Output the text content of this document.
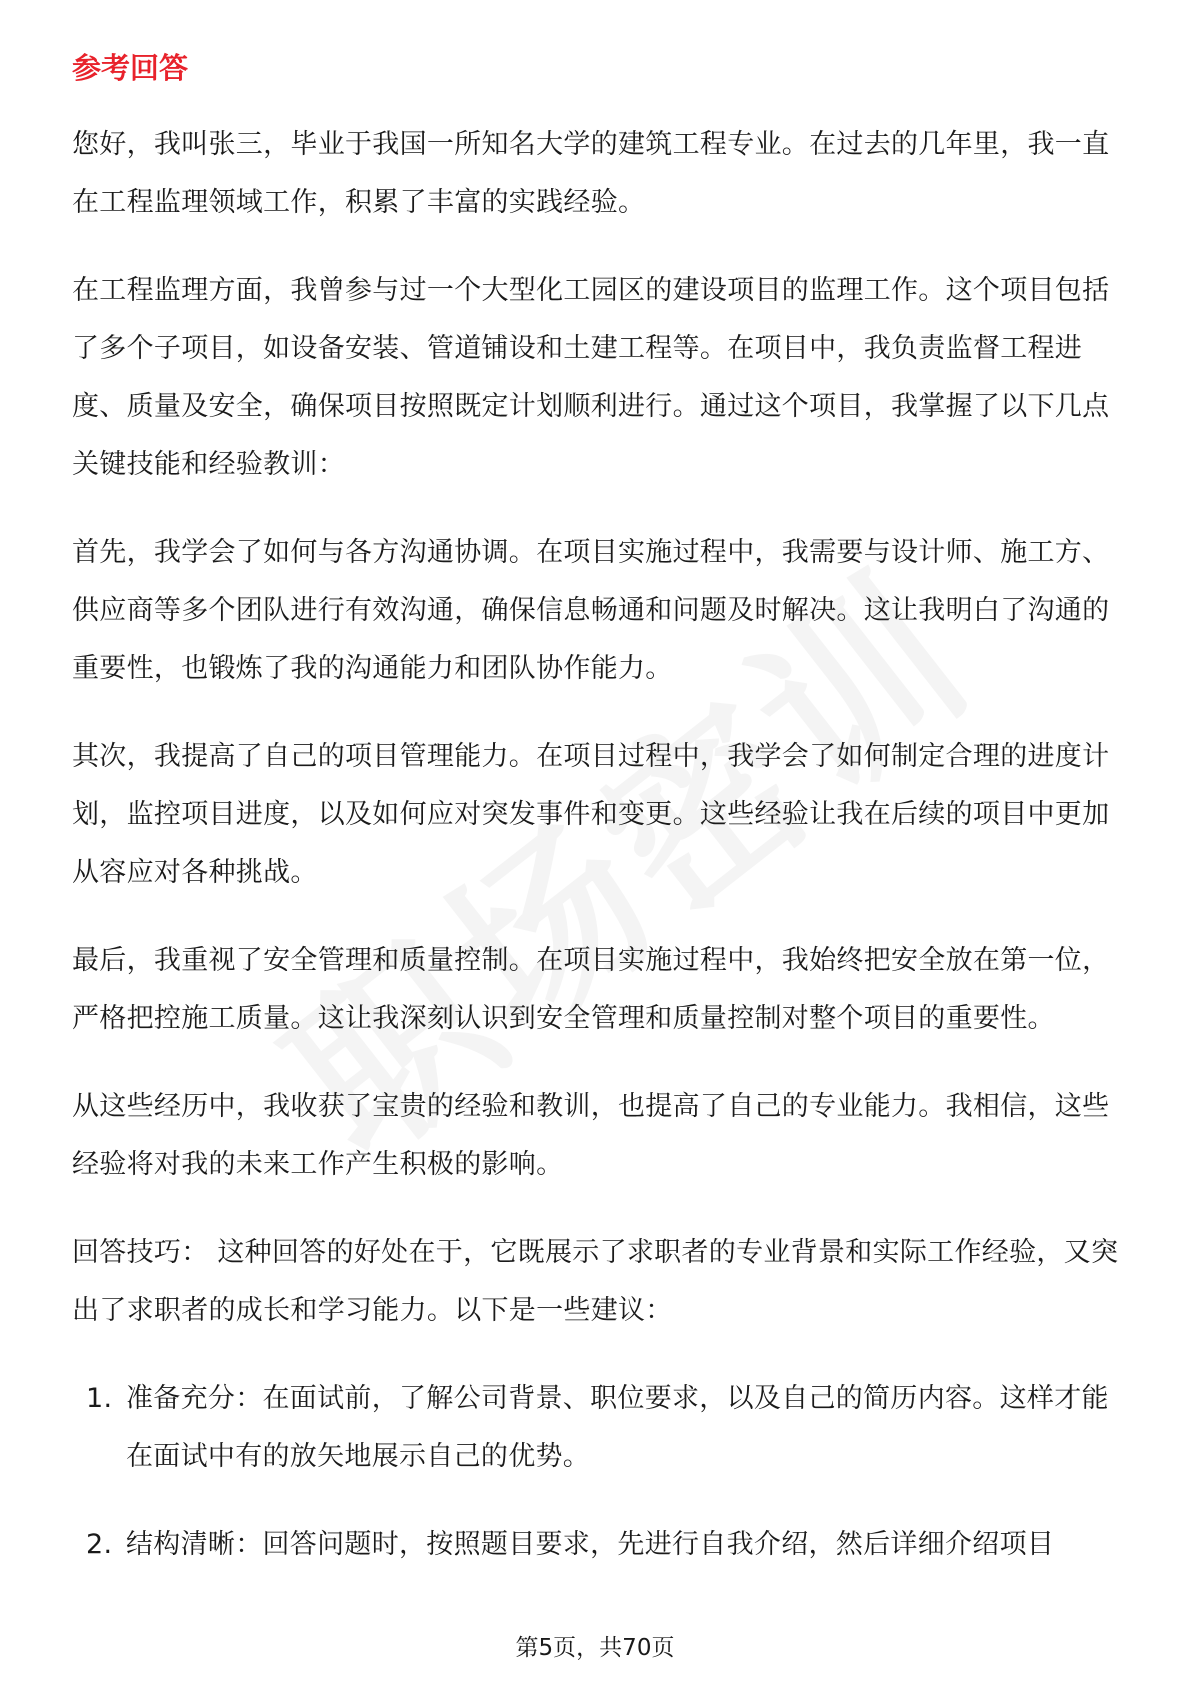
参考回答

您好，我叫张三，毕业于我国一所知名大学的建筑工程专业。在过去的几年里，我一直在工程监理领域工作，积累了丰富的实践经验。

在工程监理方面，我曾参与过一个大型化工园区的建设项目的监理工作。这个项目包括了多个子项目，如设备安装、管道铺设和土建工程等。在项目中，我负责监督工程进度、质量及安全，确保项目按照既定计划顺利进行。通过这个项目，我掌握了以下几点关键技能和经验教训：

首先，我学会了如何与各方沟通协调。在项目实施过程中，我需要与设计师、施工方、供应商等多个团队进行有效沟通，确保信息畅通和问题及时解决。这让我明白了沟通的重要性，也锻炼了我的沟通能力和团队协作能力。

其次，我提高了自己的项目管理能力。在项目过程中，我学会了如何制定合理的进度计划，监控项目进度，以及如何应对突发事件和变更。这些经验让我在后续的项目中更加从容应对各种挑战。

最后，我重视了安全管理和质量控制。在项目实施过程中，我始终把安全放在第一位，严格把控施工质量。这让我深刻认识到安全管理和质量控制对整个项目的重要性。

从这些经历中，我收获了宝贵的经验和教训，也提高了自己的专业能力。我相信，这些经验将对我的未来工作产生积极的影响。

回答技巧： 这种回答的好处在于，它既展示了求职者的专业背景和实际工作经验，又突出了求职者的成长和学习能力。以下是一些建议：

1. 准备充分：在面试前，了解公司背景、职位要求，以及自己的简历内容。这样才能在面试中有的放矢地展示自己的优势。
2. 结构清晰：回答问题时，按照题目要求，先进行自我介绍，然后详细介绍项目
第5页，共70页
